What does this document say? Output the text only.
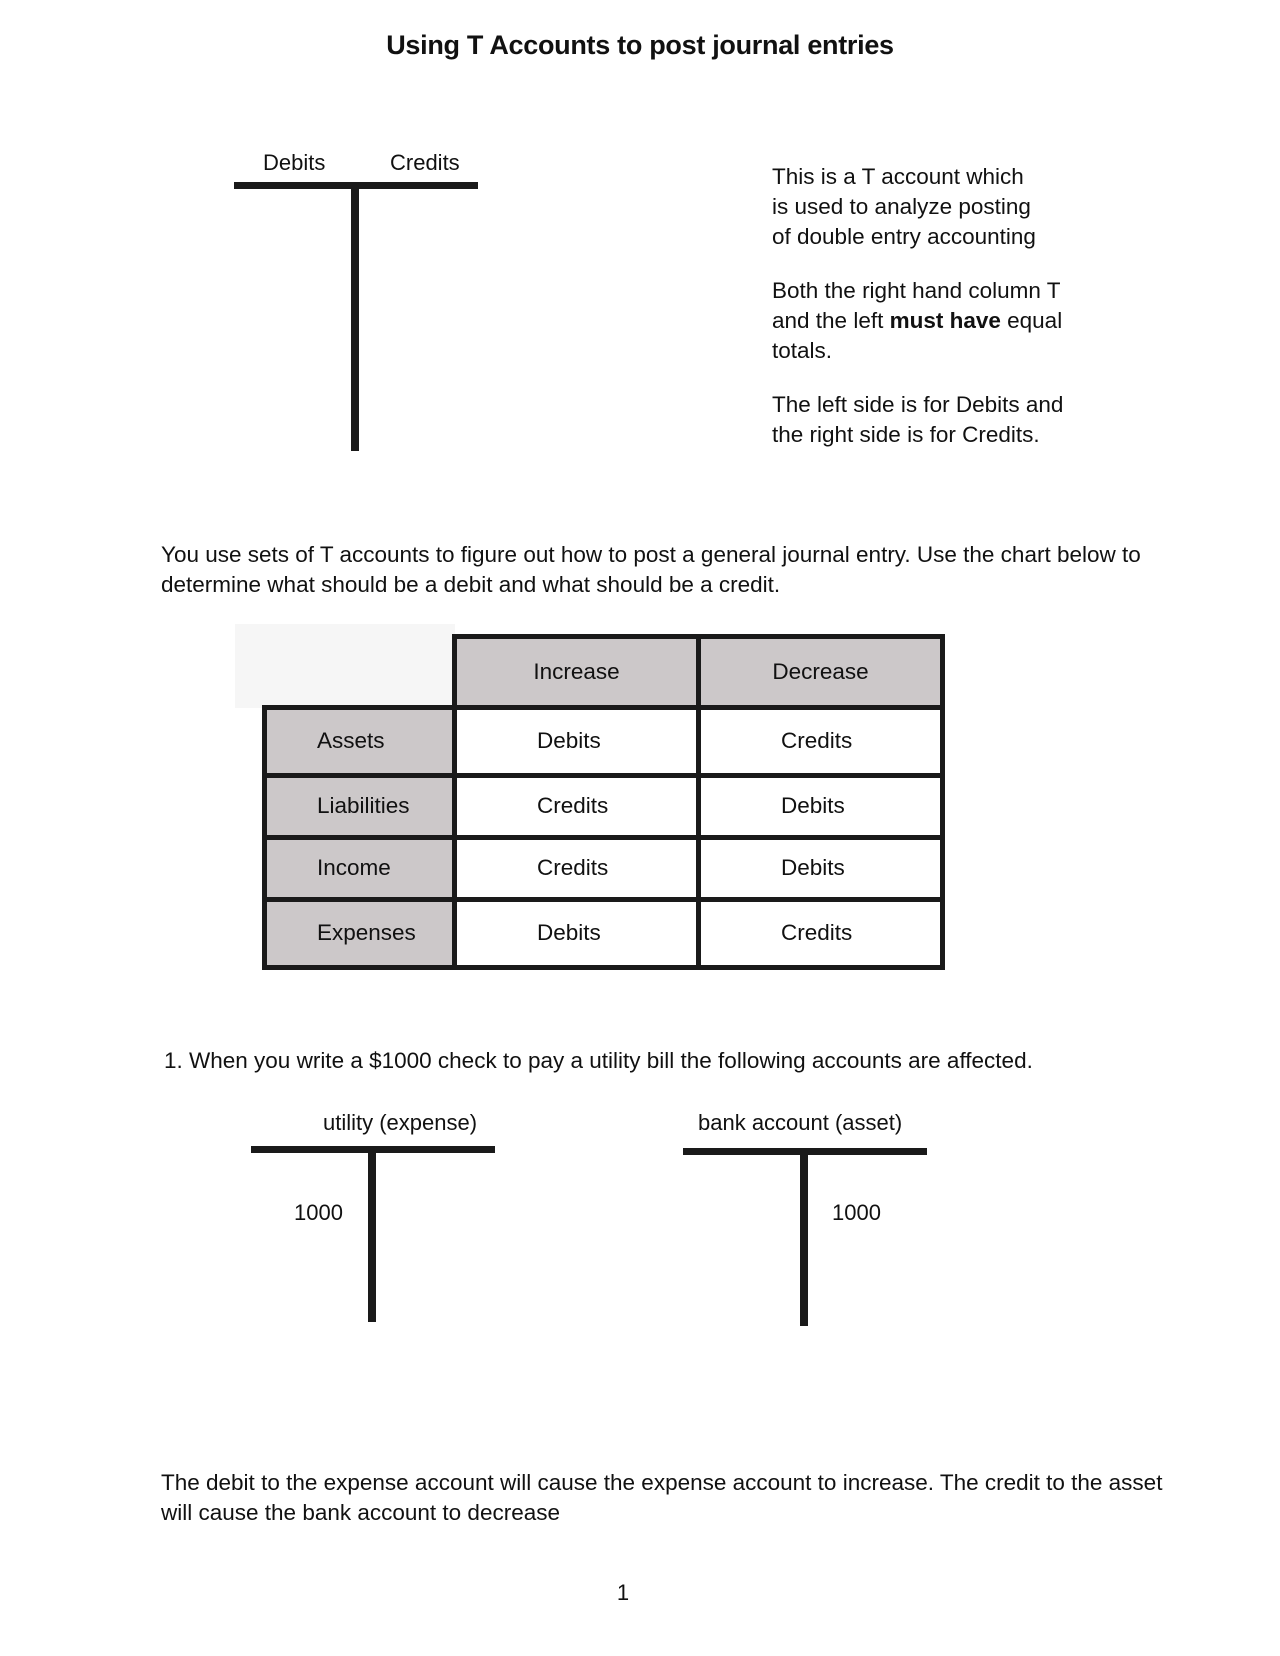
Using T Accounts to post journal entries
Debits	Credits

This is a T account which
is used to analyze posting
of double entry accounting

Both the right hand column T
and the left must have equal
totals.

The left side is for Debits and
the right side is for Credits.

You use sets of T accounts to figure out how to post a general journal entry. Use the chart below to determine what should be a debit and what should be a credit.
	Increase	Decrease
Assets	Debits	Credits
Liabilities	Credits	Debits
Income	Credits	Debits
Expenses	Debits	Credits
1. When you write a $1000 check to pay a utility bill the following accounts are affected.
utility (expense)
1000
bank account (asset)
1000
The debit to the expense account will cause the expense account to increase. The credit to the asset will cause the bank account to decrease
1
